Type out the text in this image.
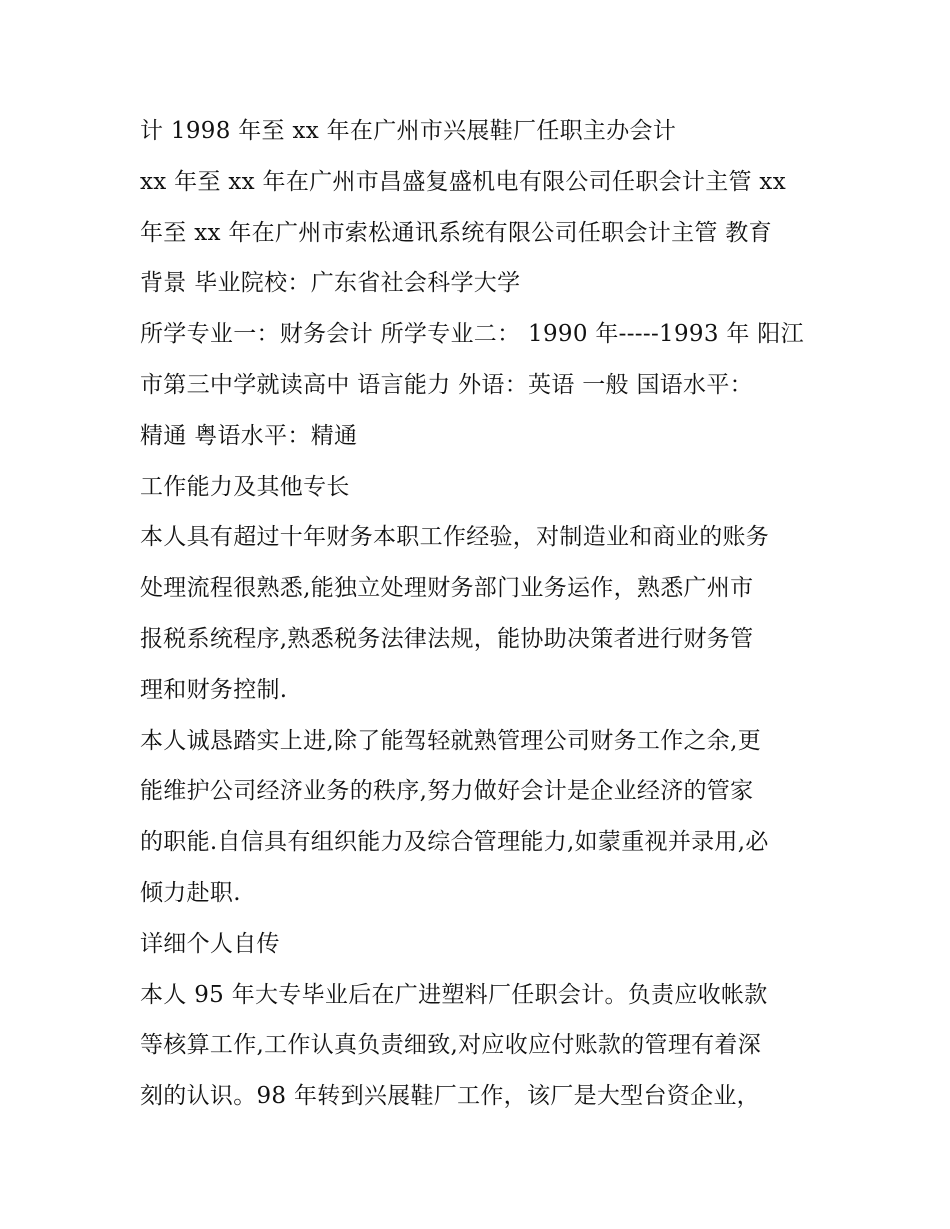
计 1998 年至 xx 年在广州市兴展鞋厂任职主办会计
xx 年至 xx 年在广州市昌盛复盛机电有限公司任职会计主管 xx
年至 xx 年在广州市索松通讯系统有限公司任职会计主管 教育
背景 毕业院校：广东省社会科学大学
所学专业一：财务会计 所学专业二： 1990 年-----1993 年 阳江
市第三中学就读高中 语言能力 外语：英语 一般 国语水平：
精通 粤语水平：精通
工作能力及其他专长
本人具有超过十年财务本职工作经验，对制造业和商业的账务
处理流程很熟悉,能独立处理财务部门业务运作，熟悉广州市
报税系统程序,熟悉税务法律法规，能协助决策者进行财务管
理和财务控制.
本人诚恳踏实上进,除了能驾轻就熟管理公司财务工作之余,更
能维护公司经济业务的秩序,努力做好会计是企业经济的管家
的职能.自信具有组织能力及综合管理能力,如蒙重视并录用,必
倾力赴职.
详细个人自传
本人 95 年大专毕业后在广进塑料厂任职会计。负责应收帐款
等核算工作,工作认真负责细致,对应收应付账款的管理有着深
刻的认识。98 年转到兴展鞋厂工作，该厂是大型台资企业，
